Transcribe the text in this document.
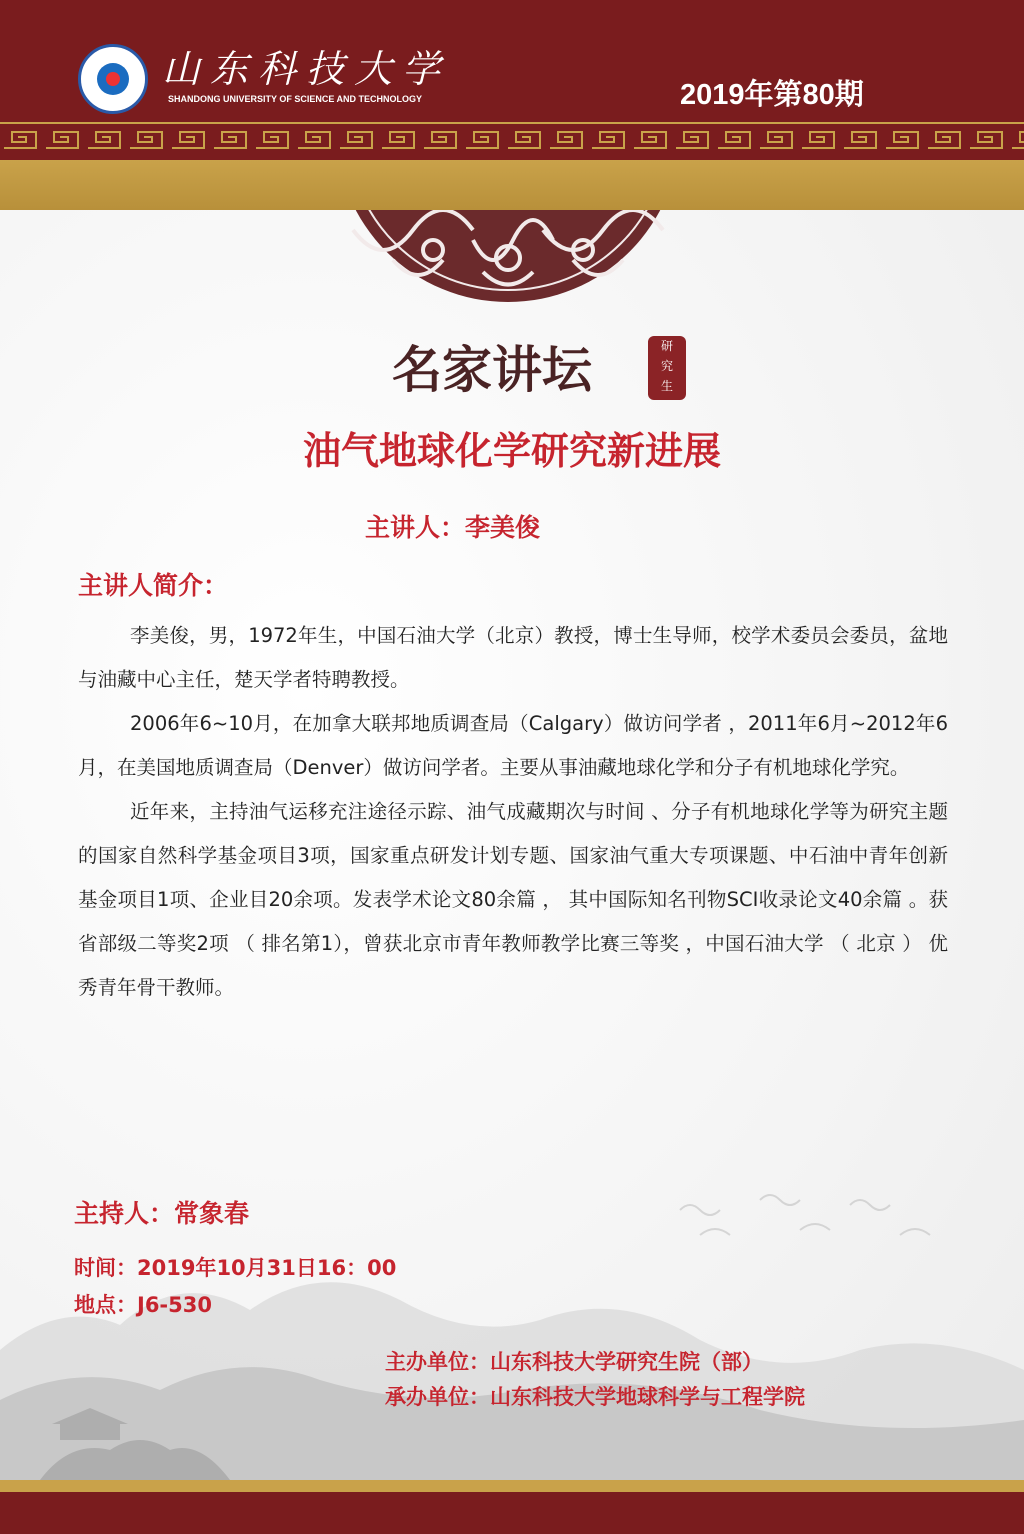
山东科技大学
SHANDONG UNIVERSITY OF SCIENCE AND TECHNOLOGY	2019年第80期
名家讲坛	研
究
生
油气地球化学研究新进展
主讲人：李美俊
主讲人简介：

李美俊，男，1972年生，中国石油大学（北京）教授，博士生导师，校学术委员会委员，盆地与油藏中心主任，楚天学者特聘教授。

2006年6~10月，在加拿大联邦地质调查局（Calgary）做访问学者 ，2011年6月~2012年6月，在美国地质调查局（Denver）做访问学者。主要从事油藏地球化学和分子有机地球化学究。

近年来，主持油气运移充注途径示踪、油气成藏期次与时间 、分子有机地球化学等为研究主题的国家自然科学基金项目3项，国家重点研发计划专题、国家油气重大专项课题、中石油中青年创新基金项目1项、企业目20余项。发表学术论文80余篇 ， 其中国际知名刊物SCI收录论文40余篇 。获省部级二等奖2项 （ 排名第1），曾获北京市青年教师教学比赛三等奖 ，中国石油大学 （ 北京 ） 优秀青年骨干教师。

主持人：常象春
时间：2019年10月31日16：00
地点：J6-530
主办单位：山东科技大学研究生院（部）
承办单位：山东科技大学地球科学与工程学院
